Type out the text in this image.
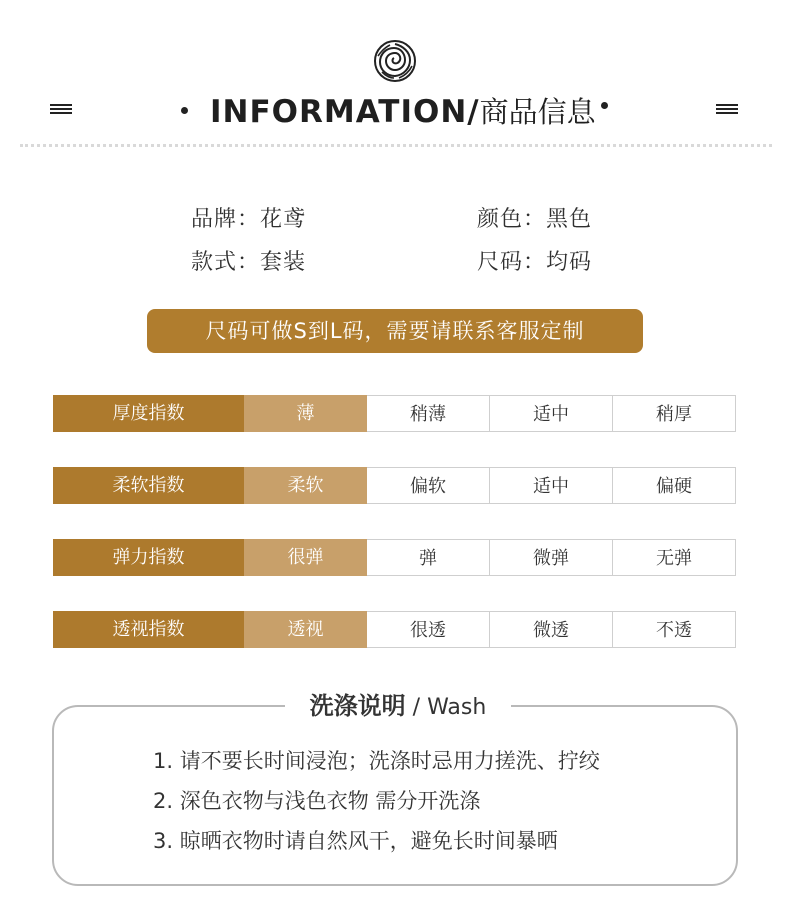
INFORMATION/商品信息
品牌：花鸢	颜色：黑色
款式：套装	尺码：均码
尺码可做S到L码，需要请联系客服定制
厚度指数	薄	稍薄	适中	稍厚
柔软指数	柔软	偏软	适中	偏硬
弹力指数	很弹	弹	微弹	无弹
透视指数	透视	很透	微透	不透
洗涤说明 / Wash
1. 请不要长时间浸泡；洗涤时忌用力搓洗、拧绞
2. 深色衣物与浅色衣物 需分开洗涤
3. 晾晒衣物时请自然风干，避免长时间暴晒
